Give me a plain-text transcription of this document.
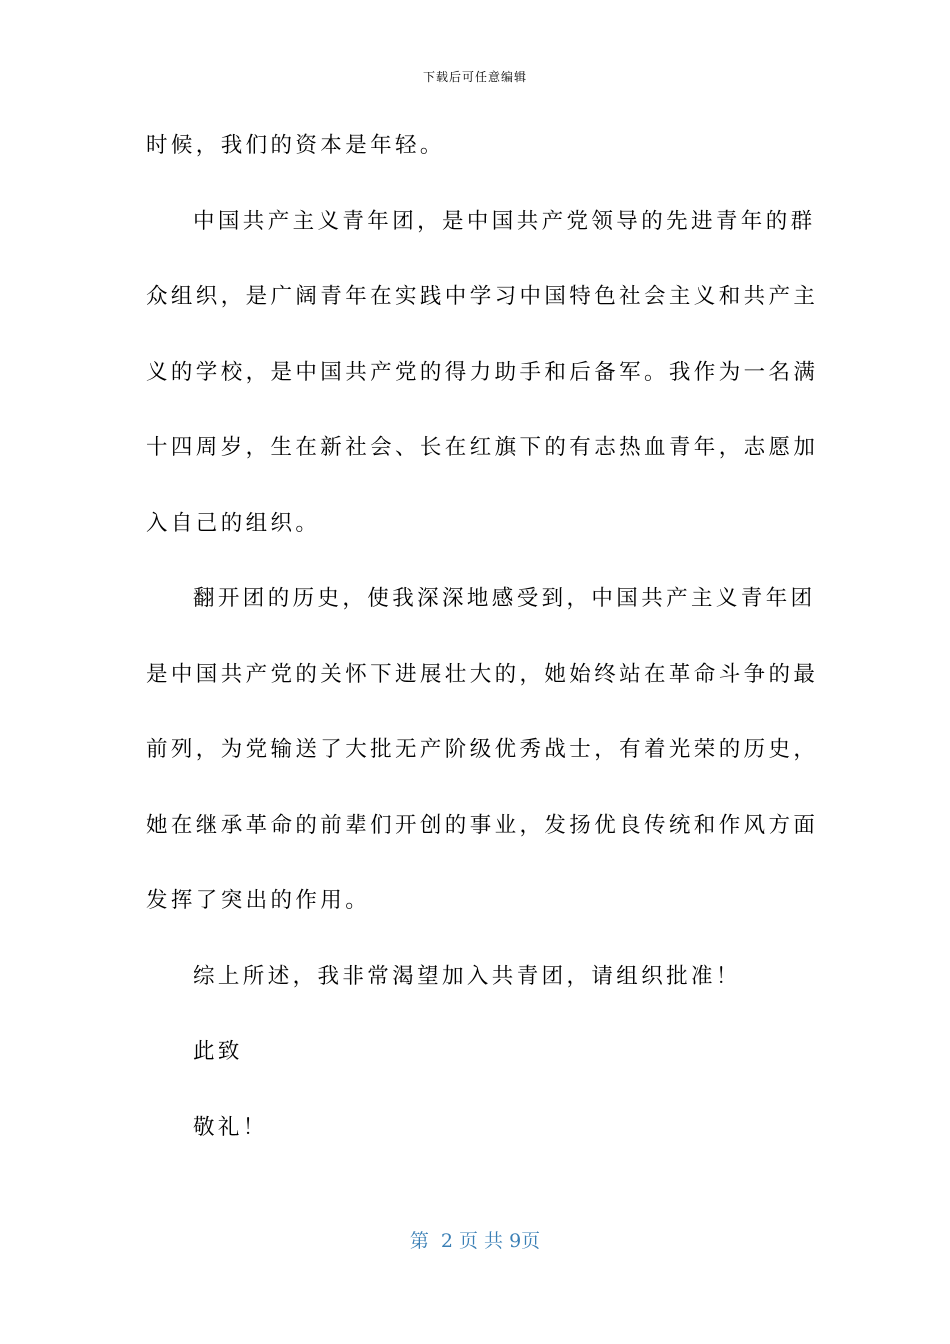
下载后可任意编辑
时候，我们的资本是年轻。
中国共产主义青年团，是中国共产党领导的先进青年的群
众组织，是广阔青年在实践中学习中国特色社会主义和共产主
义的学校，是中国共产党的得力助手和后备军。我作为一名满
十四周岁，生在新社会、长在红旗下的有志热血青年，志愿加
入自己的组织。
翻开团的历史，使我深深地感受到，中国共产主义青年团
是中国共产党的关怀下进展壮大的，她始终站在革命斗争的最
前列，为党输送了大批无产阶级优秀战士，有着光荣的历史，
她在继承革命的前辈们开创的事业，发扬优良传统和作风方面
发挥了突出的作用。
综上所述，我非常渴望加入共青团，请组织批准！
此致
敬礼！
第  2 页 共 9页
